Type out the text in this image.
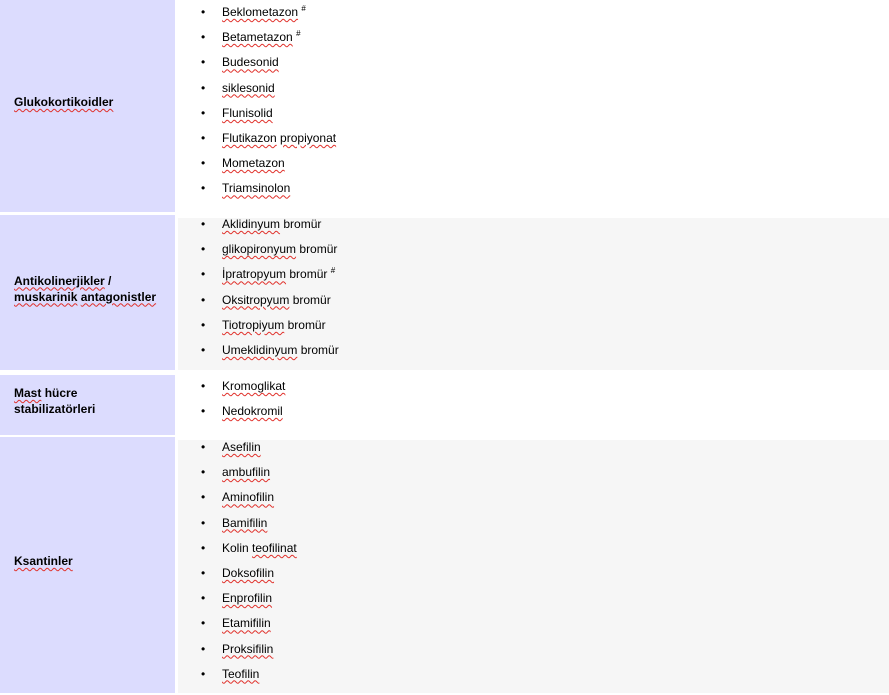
Glukokortikoidler
• Beklometazon #
• Betametazon #
• Budesonid
• siklesonid
• Flunisolid
• Flutikazon propiyonat
• Mometazon
• Triamsinolon
Antikolinerjikler /
muskarinik antagonistler
• Aklidinyum bromür
• glikopironyum bromür
• İpratropyum bromür #
• Oksitropyum bromür
• Tiotropiyum bromür
• Umeklidinyum bromür
Mast hücre
stabilizatörleri
• Kromoglikat
• Nedokromil
Ksantinler
• Asefilin
• ambufilin
• Aminofilin
• Bamifilin
• Kolin teofilinat
• Doksofilin
• Enprofilin
• Etamifilin
• Proksifilin
• Teofilin
